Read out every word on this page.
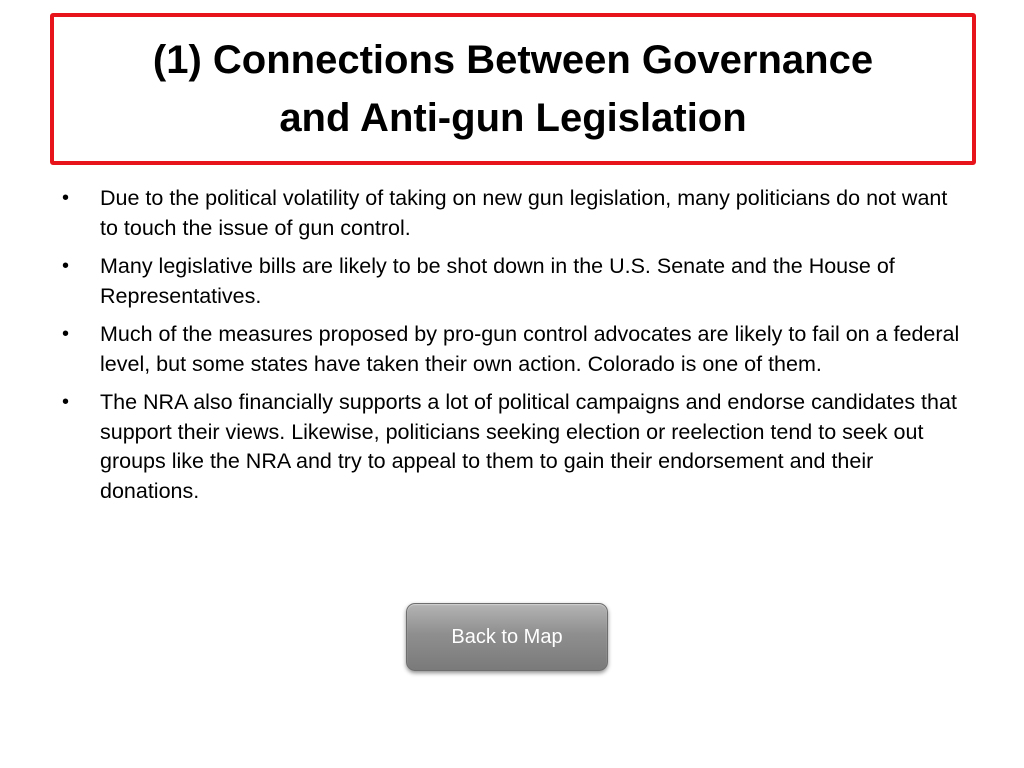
(1) Connections Between Governance
and Anti-gun Legislation
• Due to the political volatility of taking on new gun legislation, many politicians do not want to touch the issue of gun control.
• Many legislative bills are likely to be shot down in the U.S. Senate and the House of Representatives.
• Much of the measures proposed by pro-gun control advocates are likely to fail on a federal level, but some states have taken their own action. Colorado is one of them.
• The NRA also financially supports a lot of political campaigns and endorse candidates that support their views. Likewise, politicians seeking election or reelection tend to seek out groups like the NRA and try to appeal to them to gain their endorsement and their donations.
Back to Map
